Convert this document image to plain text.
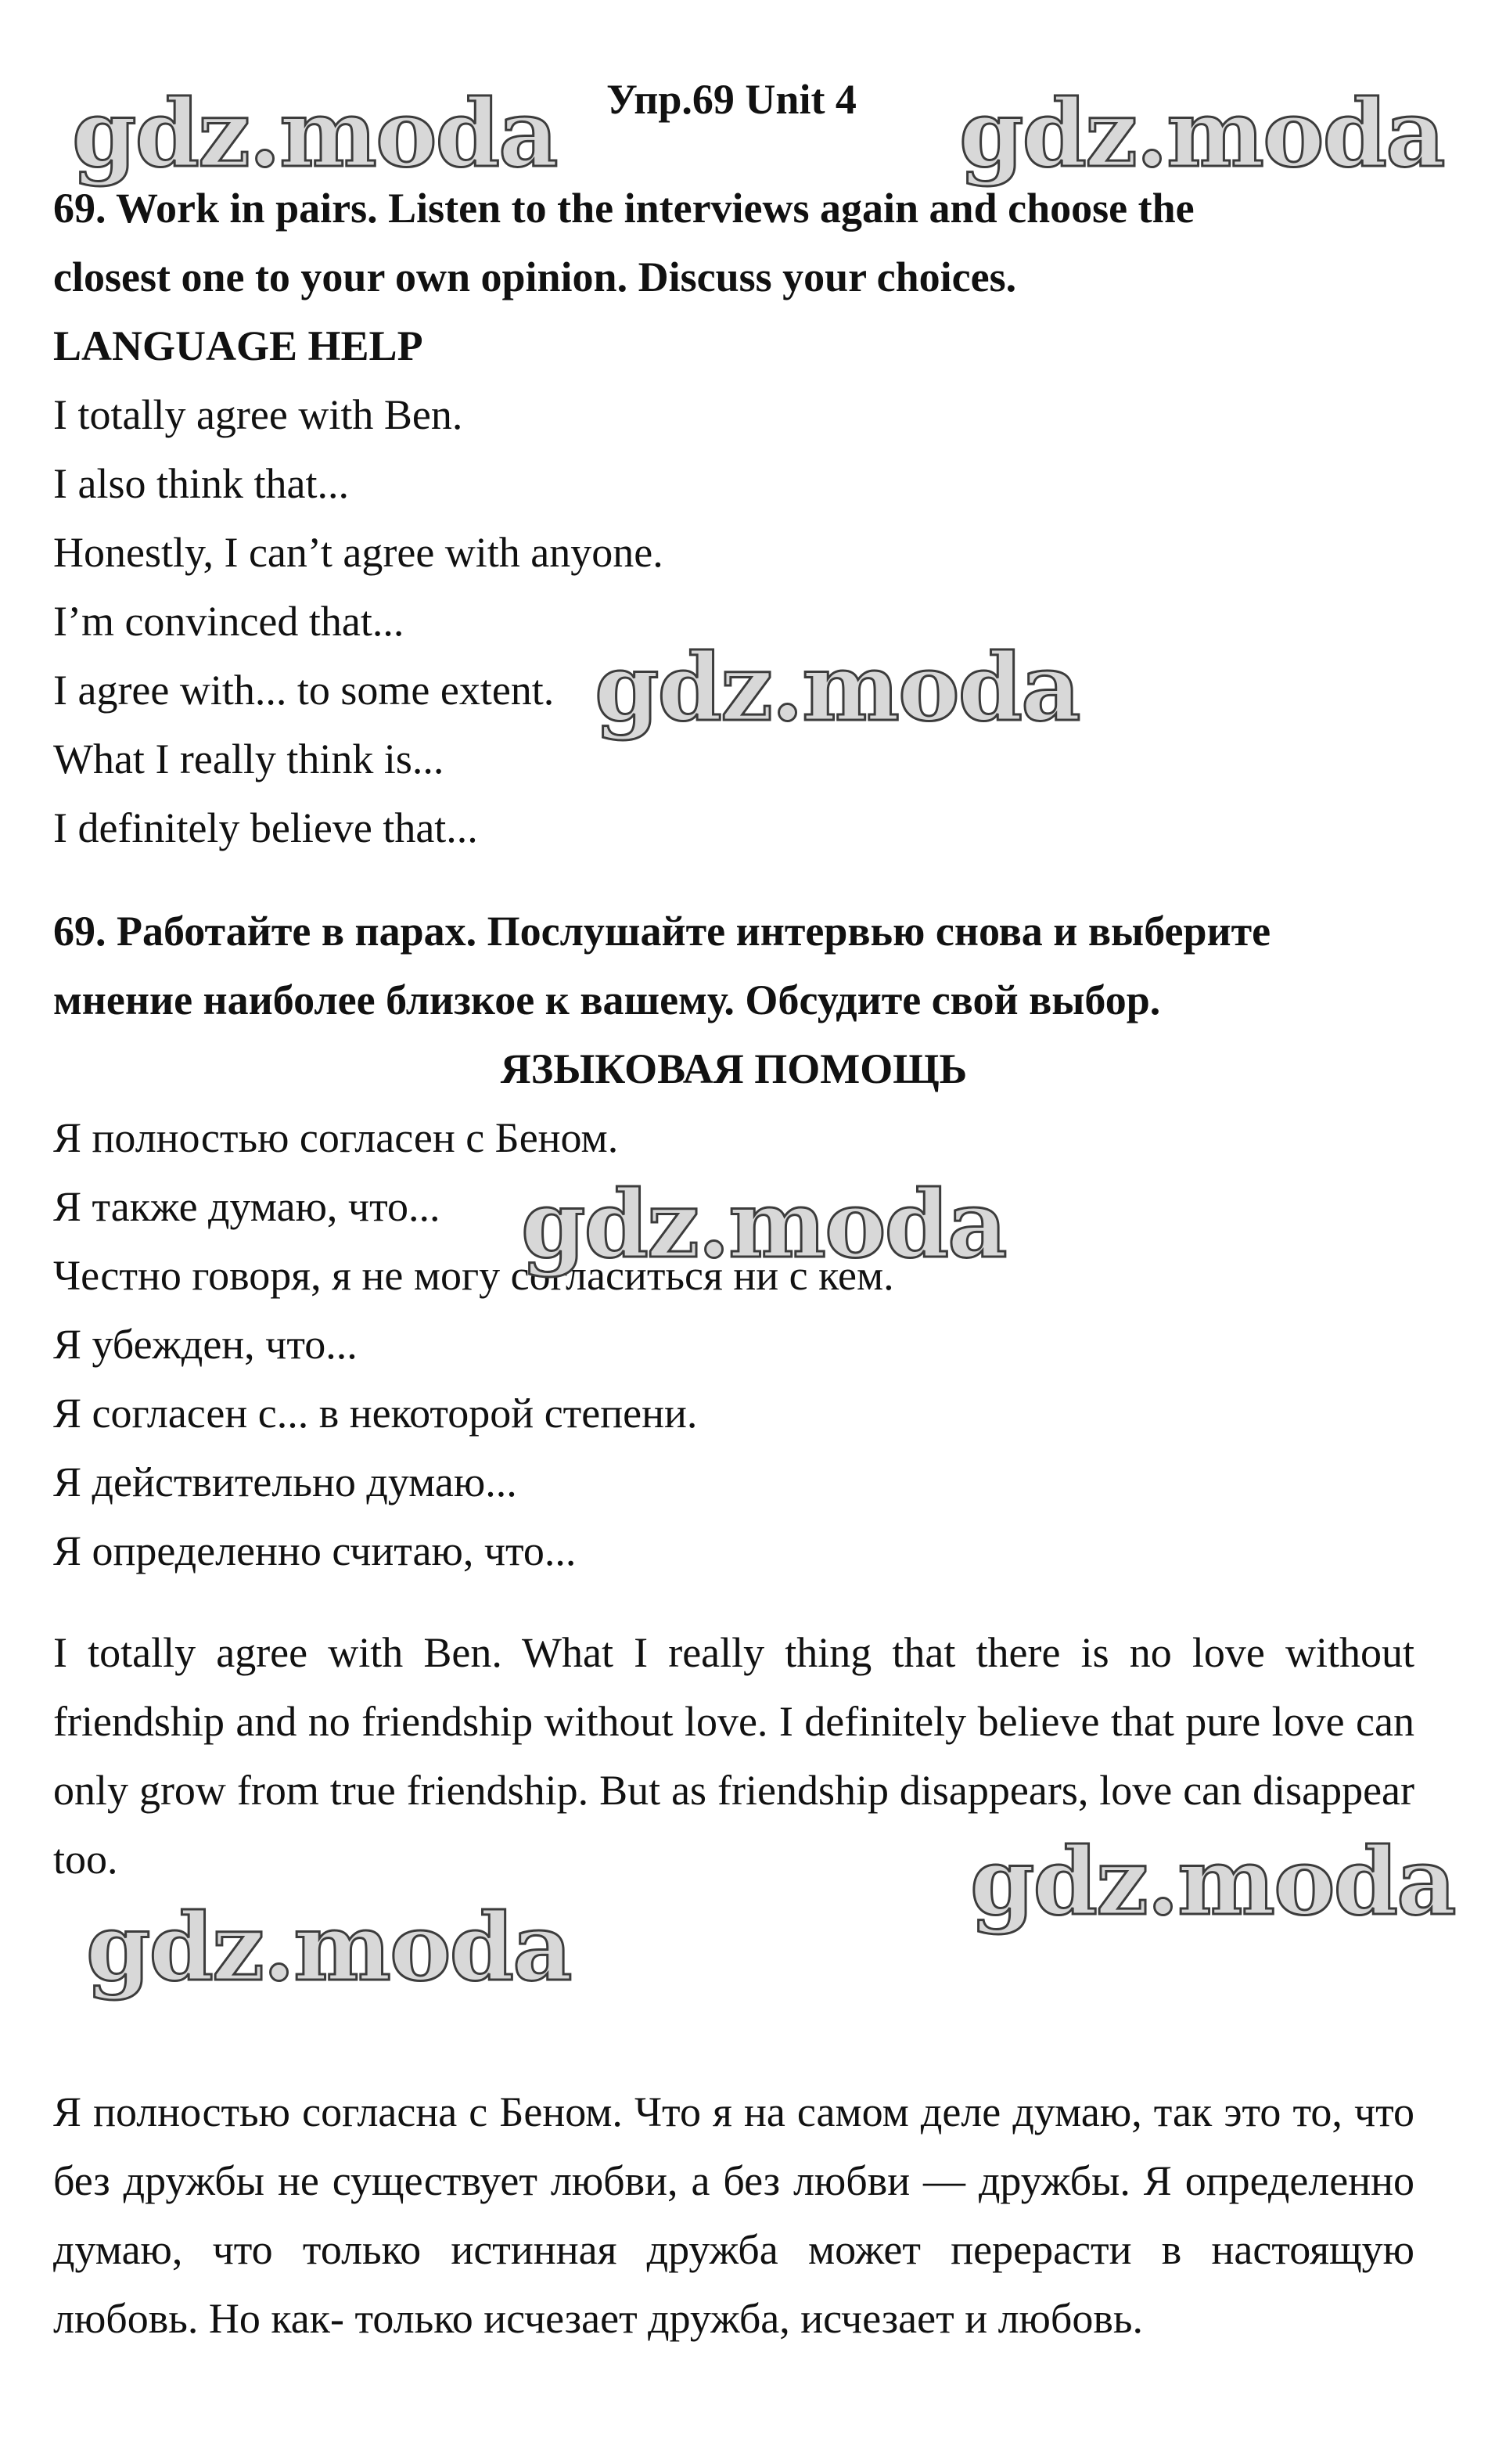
Упр.69 Unit 4
69. Work in pairs. Listen to the interviews again and choose the
closest one to your own opinion. Discuss your choices.
LANGUAGE HELP
I totally agree with Ben.
I also think that...
Honestly, I can’t agree with anyone.
I’m convinced that...
I agree with... to some extent.
What I really think is...
I definitely believe that...
69. Работайте в парах. Послушайте интервью снова и выберите
мнение наиболее близкое к вашему. Обсудите свой выбор.
ЯЗЫКОВАЯ ПОМОЩЬ
Я полностью согласен с Беном.
Я также думаю, что...
Честно говоря, я не могу согласиться ни с кем.
Я убежден, что...
Я согласен с... в некоторой степени.
Я действительно думаю...
Я определенно считаю, что...
I totally agree with Ben. What I really thing that there is no love without friendship and no friendship without love. I definitely believe that pure love can only grow from true friendship. But as friendship disappears, love can disappear too.
Я полностью согласна с Беном. Что я на самом деле думаю, так это то, что без дружбы не существует любви, а без любви — дружбы. Я определенно думаю, что только истинная дружба может перерасти в настоящую любовь. Но как- только исчезает дружба, исчезает и любовь.
gdz.moda	gdz.moda
gdz.moda
gdz.moda
gdz.moda
gdz.moda
